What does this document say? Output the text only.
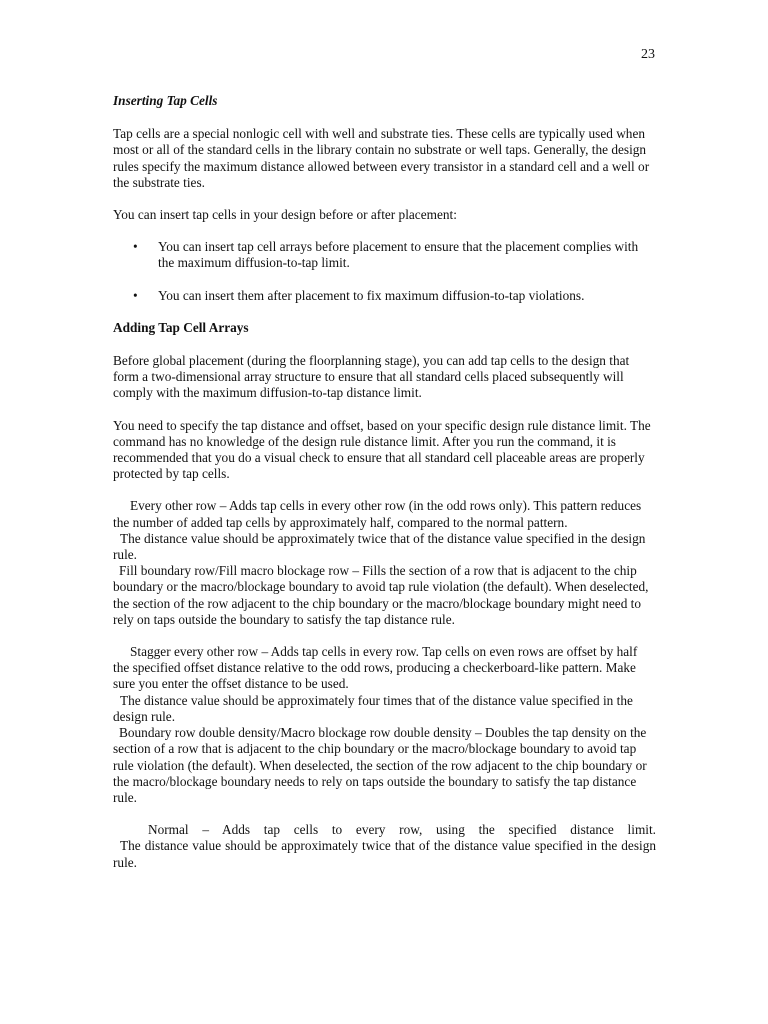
23
Inserting Tap Cells

Tap cells are a special nonlogic cell with well and substrate ties. These cells are typically used when most or all of the standard cells in the library contain no substrate or well taps. Generally, the design rules specify the maximum distance allowed between every transistor in a standard cell and a well or the substrate ties.

You can insert tap cells in your design before or after placement:

• You can insert tap cell arrays before placement to ensure that the placement complies with the maximum diffusion-to-tap limit.
• You can insert them after placement to fix maximum diffusion-to-tap violations.
Adding Tap Cell Arrays

Before global placement (during the floorplanning stage), you can add tap cells to the design that form a two-dimensional array structure to ensure that all standard cells placed subsequently will comply with the maximum diffusion-to-tap distance limit.

You need to specify the tap distance and offset, based on your specific design rule distance limit. The command has no knowledge of the design rule distance limit. After you run the command, it is recommended that you do a visual check to ensure that all standard cell placeable areas are properly protected by tap cells.

Every other row – Adds tap cells in every other row (in the odd rows only). This pattern reduces the number of added tap cells by approximately half, compared to the normal pattern.
The distance value should be approximately twice that of the distance value specified in the design rule.
Fill boundary row/Fill macro blockage row – Fills the section of a row that is adjacent to the chip boundary or the macro/blockage boundary to avoid tap rule violation (the default). When deselected, the section of the row adjacent to the chip boundary or the macro/blockage boundary might need to rely on taps outside the boundary to satisfy the tap distance rule.
Stagger every other row – Adds tap cells in every row. Tap cells on even rows are offset by half the specified offset distance relative to the odd rows, producing a checkerboard-like pattern. Make sure you enter the offset distance to be used.
The distance value should be approximately four times that of the distance value specified in the design rule.
Boundary row double density/Macro blockage row double density – Doubles the tap density on the section of a row that is adjacent to the chip boundary or the macro/blockage boundary to avoid tap rule violation (the default). When deselected, the section of the row adjacent to the chip boundary or the macro/blockage boundary needs to rely on taps outside the boundary to satisfy the tap distance rule.
Normal – Adds tap cells to every row, using the specified distance limit.
The distance value should be approximately twice that of the distance value specified in the design rule.
